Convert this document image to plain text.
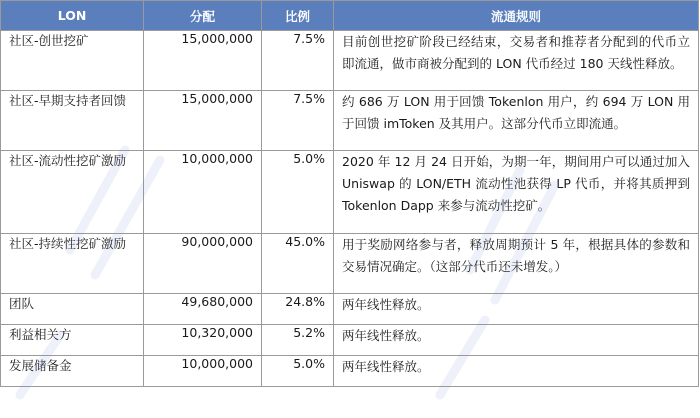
LON	分配	比例	流通规则
社区-创世挖矿	15,000,000	7.5%	目前创世挖矿阶段已经结束，交易者和推荐者分配到的代币立即流通，做市商被分配到的 LON 代币经过 180 天线性释放。
社区-早期支持者回馈	15,000,000	7.5%	约 686 万 LON 用于回馈 Tokenlon 用户，约 694 万 LON 用于回馈 imToken 及其用户。这部分代币立即流通。
社区-流动性挖矿激励	10,000,000	5.0%	2020 年 12 月 24 日开始，为期一年，期间用户可以通过加入 Uniswap 的 LON/ETH 流动性池获得 LP 代币，并将其质押到 Tokenlon Dapp 来参与流动性挖矿。
社区-持续性挖矿激励	90,000,000	45.0%	用于奖励网络参与者，释放周期预计 5 年，根据具体的参数和交易情况确定。（这部分代币还未增发。）
团队	49,680,000	24.8%	两年线性释放。
利益相关方	10,320,000	5.2%	两年线性释放。
发展储备金	10,000,000	5.0%	两年线性释放。
